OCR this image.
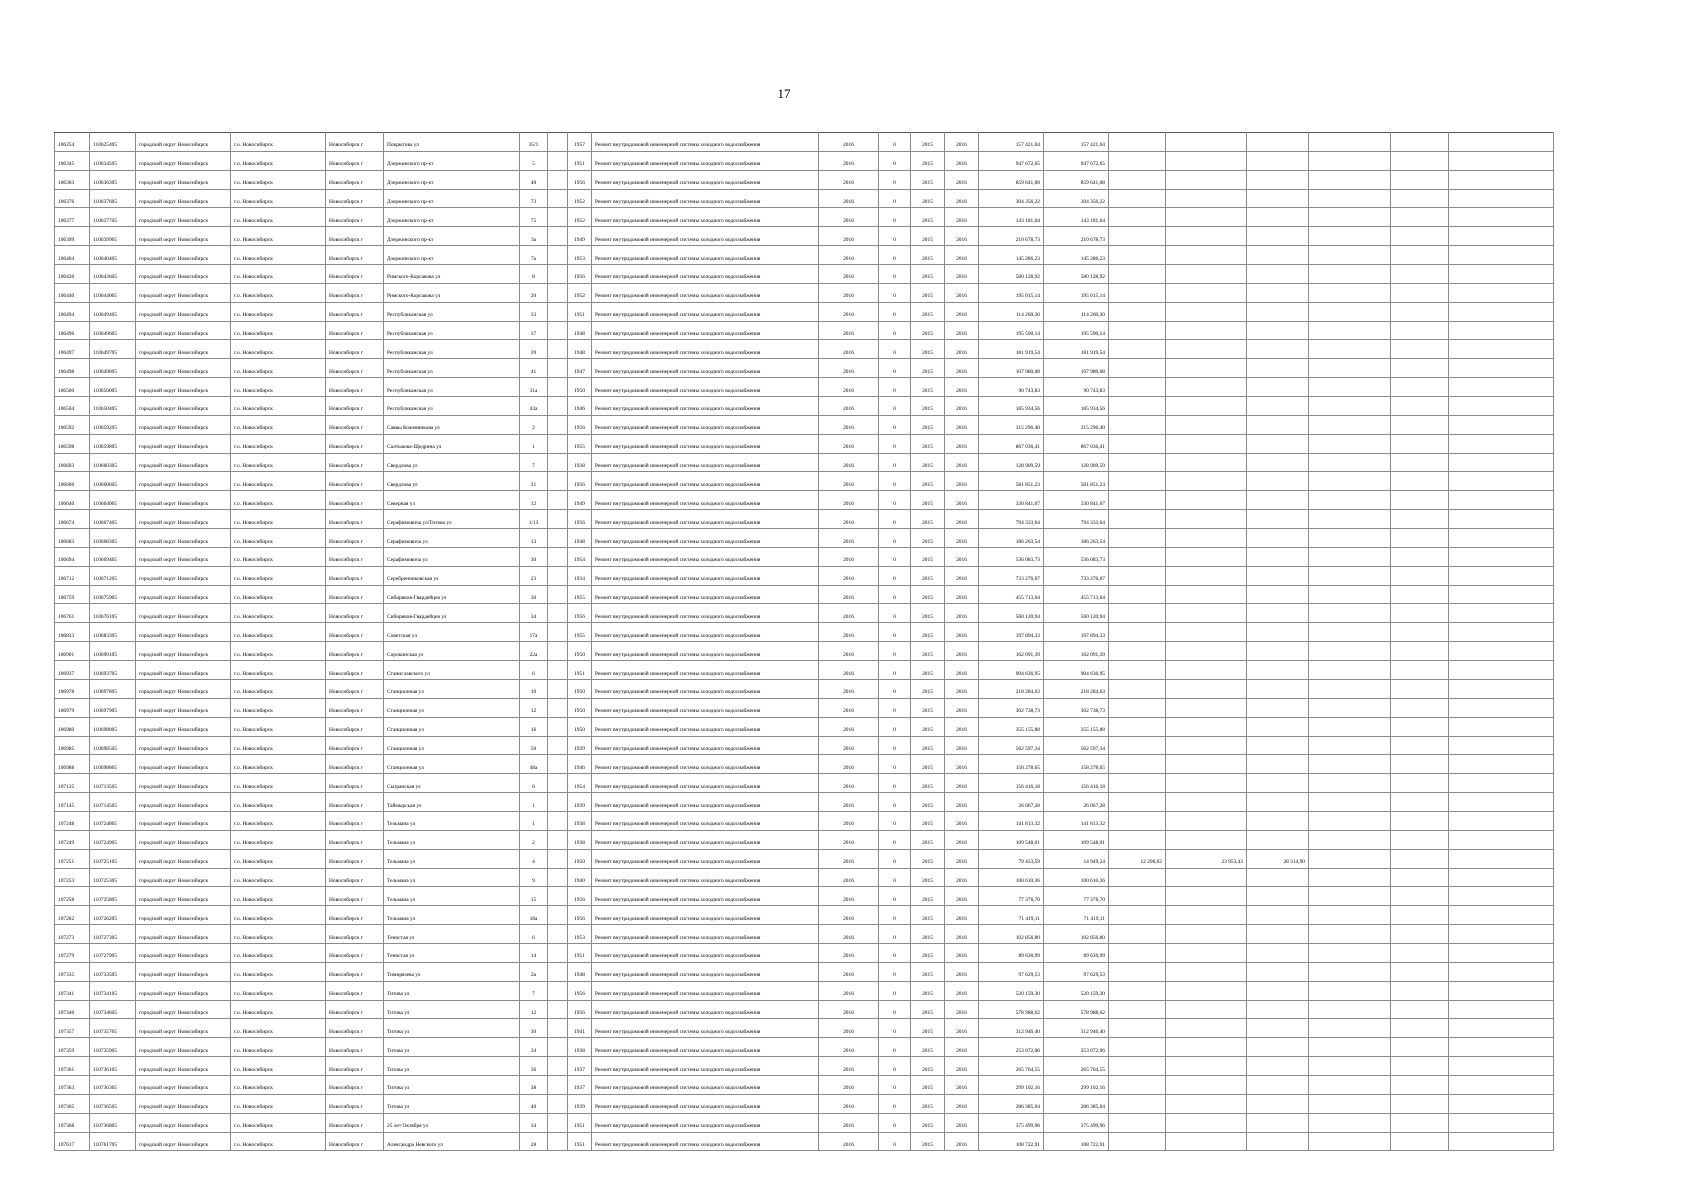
17
106254	110625405	городской округ Новосибирск	г.о. Новосибирск	Новосибирск г	Покрытова ул	35/1		1957	Ремонт внутридомовой инженерной системы холодного водоснабжения	2016	0	2015	2016	157 421,04	157 421,04						
106345	110634505	городской округ Новосибирск	г.о. Новосибирск	Новосибирск г	Дзержинского пр-кт	5		1951	Ремонт внутридомовой инженерной системы холодного водоснабжения	2016	0	2015	2016	947 672,65	947 672,65						
106363	110636305	городской округ Новосибирск	г.о. Новосибирск	Новосибирск г	Дзержинского пр-кт	40		1956	Ремонт внутридомовой инженерной системы холодного водоснабжения	2016	0	2015	2016	859 641,08	859 641,08						
106376	110637605	городской округ Новосибирск	г.о. Новосибирск	Новосибирск г	Дзержинского пр-кт	73		1952	Ремонт внутридомовой инженерной системы холодного водоснабжения	2016	0	2015	2016	304 356,22	304 356,22						
106377	110637705	городской округ Новосибирск	г.о. Новосибирск	Новосибирск г	Дзержинского пр-кт	75		1952	Ремонт внутридомовой инженерной системы холодного водоснабжения	2016	0	2015	2016	143 181,64	143 181,64						
106399	110639905	городской округ Новосибирск	г.о. Новосибирск	Новосибирск г	Дзержинского пр-кт	3а		1949	Ремонт внутридомовой инженерной системы холодного водоснабжения	2016	0	2015	2016	210 678,73	210 678,73						
106404	110640405	городской округ Новосибирск	г.о. Новосибирск	Новосибирск г	Дзержинского пр-кт	7а		1953	Ремонт внутридомовой инженерной системы холодного водоснабжения	2016	0	2015	2016	145 286,23	145 286,23						
106436	110643605	городской округ Новосибирск	г.о. Новосибирск	Новосибирск г	Римского-Корсакова ул	8		1956	Ремонт внутридомовой инженерной системы холодного водоснабжения	2016	0	2015	2016	580 128,92	580 128,92						
106440	110644005	городской округ Новосибирск	г.о. Новосибирск	Новосибирск г	Римского-Корсакова ул	20		1952	Ремонт внутридомовой инженерной системы холодного водоснабжения	2016	0	2015	2016	195 015,14	195 015,14						
106494	110649405	городской округ Новосибирск	г.о. Новосибирск	Новосибирск г	Республиканская ул	33		1951	Ремонт внутридомовой инженерной системы холодного водоснабжения	2016	0	2015	2016	114 260,30	114 260,30						
106496	110649605	городской округ Новосибирск	г.о. Новосибирск	Новосибирск г	Республиканская ул	37		1948	Ремонт внутридомовой инженерной системы холодного водоснабжения	2016	0	2015	2016	195 590,14	195 590,14						
106497	110649705	городской округ Новосибирск	г.о. Новосибирск	Новосибирск г	Республиканская ул	39		1948	Ремонт внутридомовой инженерной системы холодного водоснабжения	2016	0	2015	2016	181 919,54	181 919,54						
106498	110649805	городской округ Новосибирск	г.о. Новосибирск	Новосибирск г	Республиканская ул	41		1947	Ремонт внутридомовой инженерной системы холодного водоснабжения	2016	0	2015	2016	107 980,08	107 980,08						
106500	110650005	городской округ Новосибирск	г.о. Новосибирск	Новосибирск г	Республиканская ул	31а		1950	Ремонт внутридомовой инженерной системы холодного водоснабжения	2016	0	2015	2016	90 743,83	90 743,83						
106504	110650405	городской округ Новосибирск	г.о. Новосибирск	Новосибирск г	Республиканская ул	43а		1946	Ремонт внутридомовой инженерной системы холодного водоснабжения	2016	0	2015	2016	185 934,56	185 934,56						
106592	110659205	городской округ Новосибирск	г.о. Новосибирск	Новосибирск г	Саввы Кожевникова ул	2		1956	Ремонт внутридомовой инженерной системы холодного водоснабжения	2016	0	2015	2016	315 296,40	315 296,40						
106598	110659805	городской округ Новосибирск	г.о. Новосибирск	Новосибирск г	Салтыкова-Щедрина ул	1		1955	Ремонт внутридомовой инженерной системы холодного водоснабжения	2016	0	2015	2016	867 036,41	867 036,41						
106603	110660305	городской округ Новосибирск	г.о. Новосибирск	Новосибирск г	Свердлова ул	7		1938	Ремонт внутридомовой инженерной системы холодного водоснабжения	2016	0	2015	2016	128 909,59	128 909,59						
106606	110660605	городской округ Новосибирск	г.о. Новосибирск	Новосибирск г	Свердлова ул	21		1956	Ремонт внутридомовой инженерной системы холодного водоснабжения	2016	0	2015	2016	581 851,23	581 851,23						
106640	110664005	городской округ Новосибирск	г.о. Новосибирск	Новосибирск г	Северная ул	12		1949	Ремонт внутридомовой инженерной системы холодного водоснабжения	2016	0	2015	2016	330 841,07	330 841,07						
106674	110667405	городской округ Новосибирск	г.о. Новосибирск	Новосибирск г	Серафимовича ул/Титова ул	1/13		1956	Ремонт внутридомовой инженерной системы холодного водоснабжения	2016	0	2015	2016	794 333,64	794 333,64						
106683	110668305	городской округ Новосибирск	г.о. Новосибирск	Новосибирск г	Серафимовича ул	13		1948	Ремонт внутридомовой инженерной системы холодного водоснабжения	2016	0	2015	2016	186 263,54	186 263,54						
106694	110669405	городской округ Новосибирск	г.о. Новосибирск	Новосибирск г	Серафимовича ул	30		1954	Ремонт внутридомовой инженерной системы холодного водоснабжения	2016	0	2015	2016	536 083,73	536 083,73						
106712	110671205	городской округ Новосибирск	г.о. Новосибирск	Новосибирск г	Серебренниковская ул	23		1934	Ремонт внутридомовой инженерной системы холодного водоснабжения	2016	0	2015	2016	733 276,07	733 276,07						
106759	110675905	городской округ Новосибирск	г.о. Новосибирск	Новосибирск г	Сибиряков-Гвардейцев ул	30		1955	Ремонт внутридомовой инженерной системы холодного водоснабжения	2016	0	2015	2016	455 713,64	455 713,64						
106761	110676105	городской округ Новосибирск	г.о. Новосибирск	Новосибирск г	Сибиряков-Гвардейцев ул	34		1956	Ремонт внутридомовой инженерной системы холодного водоснабжения	2016	0	2015	2016	560 120,94	560 120,94						
106833	110683305	городской округ Новосибирск	г.о. Новосибирск	Новосибирск г	Советская ул	17а		1955	Ремонт внутридомовой инженерной системы холодного водоснабжения	2016	0	2015	2016	197 894,33	197 894,33						
106901	110690105	городской округ Новосибирск	г.о. Новосибирск	Новосибирск г	Сорокинская ул	22а		1950	Ремонт внутридомовой инженерной системы холодного водоснабжения	2016	0	2015	2016	162 091,39	162 091,39						
106937	110693705	городской округ Новосибирск	г.о. Новосибирск	Новосибирск г	Станиславского ул	6		1951	Ремонт внутридомовой инженерной системы холодного водоснабжения	2016	0	2015	2016	904 636,95	904 636,95						
106978	110697805	городской округ Новосибирск	г.о. Новосибирск	Новосибирск г	Станционная ул	10		1950	Ремонт внутридомовой инженерной системы холодного водоснабжения	2016	0	2015	2016	218 284,63	218 284,63						
106979	110697905	городской округ Новосибирск	г.о. Новосибирск	Новосибирск г	Станционная ул	12		1950	Ремонт внутридомовой инженерной системы холодного водоснабжения	2016	0	2015	2016	302 738,73	302 738,73						
106980	110698005	городской округ Новосибирск	г.о. Новосибирск	Новосибирск г	Станционная ул	16		1950	Ремонт внутридомовой инженерной системы холодного водоснабжения	2016	0	2015	2016	355 155,88	355 155,88						
106985	110698505	городской округ Новосибирск	г.о. Новосибирск	Новосибирск г	Станционная ул	50		1939	Ремонт внутридомовой инженерной системы холодного водоснабжения	2016	0	2015	2016	562 597,34	562 597,34						
106988	110698805	городской округ Новосибирск	г.о. Новосибирск	Новосибирск г	Станционная ул	48а		1946	Ремонт внутридомовой инженерной системы холодного водоснабжения	2016	0	2015	2016	158 278,65	158 278,65						
107135	110713505	городской округ Новосибирск	г.о. Новосибирск	Новосибирск г	Сызранская ул	6		1954	Ремонт внутридомовой инженерной системы холодного водоснабжения	2016	0	2015	2016	156 416,18	156 416,18						
107145	110714505	городской округ Новосибирск	г.о. Новосибирск	Новосибирск г	Таймырская ул	1		1939	Ремонт внутридомовой инженерной системы холодного водоснабжения	2016	0	2015	2016	26 067,28	26 067,28						
107248	110724805	городской округ Новосибирск	г.о. Новосибирск	Новосибирск г	Тельмана ул	1		1938	Ремонт внутридомовой инженерной системы холодного водоснабжения	2016	0	2015	2016	141 813,32	141 813,32						
107249	110724905	городской округ Новосибирск	г.о. Новосибирск	Новосибирск г	Тельмана ул	2		1938	Ремонт внутридомовой инженерной системы холодного водоснабжения	2016	0	2015	2016	109 548,01	109 548,01						
107251	110725105	городской округ Новосибирск	г.о. Новосибирск	Новосибирск г	Тельмана ул	4		1950	Ремонт внутридомовой инженерной системы холодного водоснабжения	2016	0	2015	2016	79 423,59	14 949,24	12 206,02	23 953,43	28 314,90			
107253	110725305	городской округ Новосибирск	г.о. Новосибирск	Новосибирск г	Тельмана ул	9		1940	Ремонт внутридомовой инженерной системы холодного водоснабжения	2016	0	2015	2016	100 610,36	100 610,36						
107258	110725805	городской округ Новосибирск	г.о. Новосибирск	Новосибирск г	Тельмана ул	15		1956	Ремонт внутридомовой инженерной системы холодного водоснабжения	2016	0	2015	2016	77 376,70	77 376,70						
107262	110726205	городской округ Новосибирск	г.о. Новосибирск	Новосибирск г	Тельмана ул	18а		1956	Ремонт внутридомовой инженерной системы холодного водоснабжения	2016	0	2015	2016	71 419,11	71 419,11						
107273	110727305	городской округ Новосибирск	г.о. Новосибирск	Новосибирск г	Тенистая ул	6		1953	Ремонт внутридомовой инженерной системы холодного водоснабжения	2016	0	2015	2016	102 856,80	102 856,80						
107279	110727905	городской округ Новосибирск	г.о. Новосибирск	Новосибирск г	Тенистая ул	14		1951	Ремонт внутридомовой инженерной системы холодного водоснабжения	2016	0	2015	2016	89 630,99	89 630,99						
107335	110733505	городской округ Новосибирск	г.о. Новосибирск	Новосибирск г	Тимирязева ул	2а		1948	Ремонт внутридомовой инженерной системы холодного водоснабжения	2016	0	2015	2016	97 629,53	97 629,53						
107341	110734105	городской округ Новосибирск	г.о. Новосибирск	Новосибирск г	Титова ул	7		1956	Ремонт внутридомовой инженерной системы холодного водоснабжения	2016	0	2015	2016	520 159,30	520 159,30						
107346	110734605	городской округ Новосибирск	г.о. Новосибирск	Новосибирск г	Титова ул	12		1956	Ремонт внутридомовой инженерной системы холодного водоснабжения	2016	0	2015	2016	578 988,62	578 988,62						
107357	110735705	городской округ Новосибирск	г.о. Новосибирск	Новосибирск г	Титова ул	30		1941	Ремонт внутридомовой инженерной системы холодного водоснабжения	2016	0	2015	2016	312 946,40	312 946,40						
107359	110735905	городской округ Новосибирск	г.о. Новосибирск	Новосибирск г	Титова ул	34		1938	Ремонт внутридомовой инженерной системы холодного водоснабжения	2016	0	2015	2016	253 072,06	253 072,06						
107361	110736105	городской округ Новосибирск	г.о. Новосибирск	Новосибирск г	Титова ул	36		1937	Ремонт внутридомовой инженерной системы холодного водоснабжения	2016	0	2015	2016	265 704,55	265 704,55						
107363	110736305	городской округ Новосибирск	г.о. Новосибирск	Новосибирск г	Титова ул	38		1937	Ремонт внутридомовой инженерной системы холодного водоснабжения	2016	0	2015	2016	299 102,16	299 102,16						
107365	110736505	городской округ Новосибирск	г.о. Новосибирск	Новосибирск г	Титова ул	40		1939	Ремонт внутридомовой инженерной системы холодного водоснабжения	2016	0	2015	2016	286 385,04	286 385,04						
107368	110736805	городской округ Новосибирск	г.о. Новосибирск	Новосибирск г	25 лет Октября ул	34		1951	Ремонт внутридомовой инженерной системы холодного водоснабжения	2016	0	2015	2016	375 499,96	375 499,96						
107617	110761705	городской округ Новосибирск	г.о. Новосибирск	Новосибирск г	Александра Невского ул	28		1951	Ремонт внутридомовой инженерной системы холодного водоснабжения	2016	0	2015	2016	108 722,91	108 722,91						
